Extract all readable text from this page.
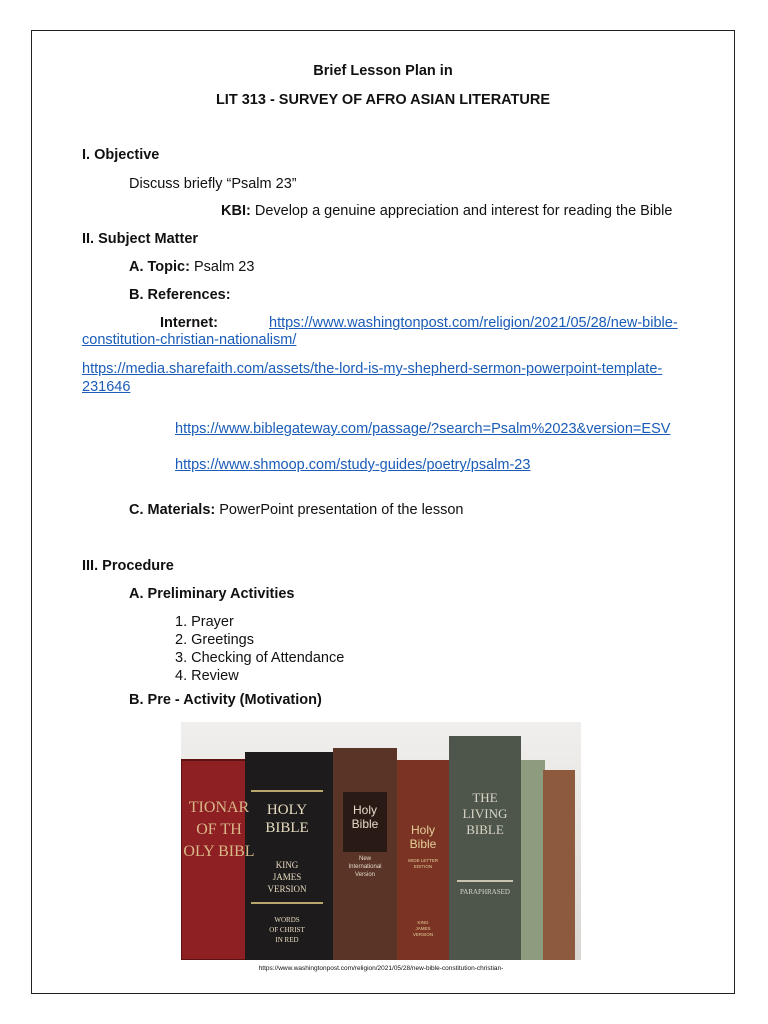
Brief Lesson Plan in
LIT 313 - SURVEY OF AFRO ASIAN LITERATURE
I. Objective
Discuss briefly “Psalm 23”
KBI: Develop a genuine appreciation and interest for reading the Bible
II. Subject Matter
A. Topic: Psalm 23
B. References:
Internet:	https://www.washingtonpost.com/religion/2021/05/28/new-bible-
constitution-christian-nationalism/
https://media.sharefaith.com/assets/the-lord-is-my-shepherd-sermon-powerpoint-template-
231646
https://www.biblegateway.com/passage/?search=Psalm%2023&version=ESV
https://www.shmoop.com/study-guides/poetry/psalm-23
C. Materials: PowerPoint presentation of the lesson
III. Procedure
A. Preliminary Activities
1. Prayer
2. Greetings
3. Checking of Attendance
4. Review
B. Pre - Activity (Motivation)
TIONAR
OF TH
OLY BIBL
HOLY
BIBLE
KING
JAMES
VERSION
WORDS
OF CHRIST
IN RED
Holy
Bible
New
International
Version
Holy
Bible
WIDE LETTER
EDITION
KING
JAMES
VERSION
THE
LIVING
BIBLE
PARAPHRASED
https://www.washingtonpost.com/religion/2021/05/28/new-bible-constitution-christian-
